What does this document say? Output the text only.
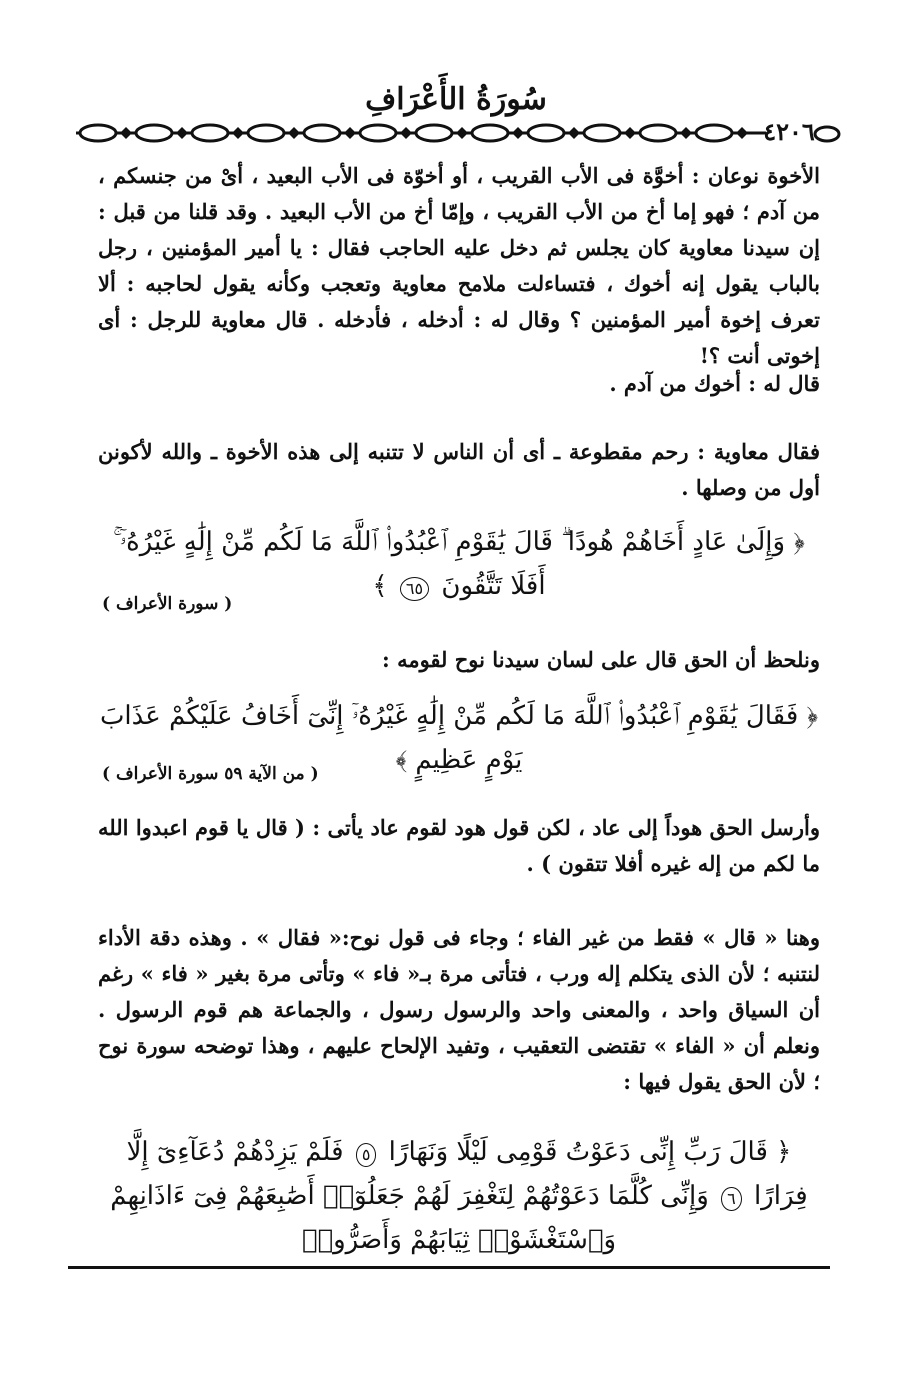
سُورَةُ الأَعْرَافِ
٤٢٠٦

الأخوة نوعان : أخوَّة فى الأب القريب ، أو أخوّة فى الأب البعيد ، أىْ من جنسكم ، من آدم ؛ فهو إما أخ من الأب القريب ، وإمّا أخ من الأب البعيد . وقد قلنا من قبل : إن سيدنا معاوية كان يجلس ثم دخل عليه الحاجب فقال : يا أمير المؤمنين ، رجل بالباب يقول إنه أخوك ، فتساءلت ملامح معاوية وتعجب وكأنه يقول لحاجبه : ألا تعرف إخوة أمير المؤمنين ؟ وقال له : أدخله ، فأدخله . قال معاوية للرجل : أى إخوتى أنت ؟!

قال له : أخوك من آدم .

فقال معاوية : رحم مقطوعة ـ أى أن الناس لا تتنبه إلى هذه الأخوة ـ والله لأكونن أول من وصلها .

﴿ وَإِلَىٰ عَادٍ أَخَاهُمْ هُودًا ۗ قَالَ يَٰقَوْمِ ٱعْبُدُوا۟ ٱللَّهَ مَا لَكُم مِّنْ إِلَٰهٍ غَيْرُهُۥٓ ۚ أَفَلَا تَتَّقُونَ ٦٥ ﴾

( سورة الأعراف )

ونلحظ أن الحق قال على لسان سيدنا نوح لقومه :

﴿ فَقَالَ يَٰقَوْمِ ٱعْبُدُوا۟ ٱللَّهَ مَا لَكُم مِّنْ إِلَٰهٍ غَيْرُهُۥٓ إِنِّىٓ أَخَافُ عَلَيْكُمْ عَذَابَ يَوْمٍ عَظِيمٍ ﴾

( من الآية ٥٩ سورة الأعراف )

وأرسل الحق هوداً إلى عاد ، لكن قول هود لقوم عاد يأتى : ( قال يا قوم اعبدوا الله ما لكم من إله غيره أفلا تتقون ) .

وهنا « قال » فقط من غير الفاء ؛ وجاء فى قول نوح:« فقال » . وهذه دقة الأداء لنتنبه ؛ لأن الذى يتكلم إله ورب ، فتأتى مرة بـ« فاء » وتأتى مرة بغير « فاء » رغم أن السياق واحد ، والمعنى واحد والرسول رسول ، والجماعة هم قوم الرسول . ونعلم أن « الفاء » تقتضى التعقيب ، وتفيد الإلحاح عليهم ، وهذا توضحه سورة نوح ؛ لأن الحق يقول فيها :

﴿ قَالَ رَبِّ إِنِّى دَعَوْتُ قَوْمِى لَيْلًا وَنَهَارًا ٥ فَلَمْ يَزِدْهُمْ دُعَآءِىٓ إِلَّا فِرَارًا ٦ وَإِنِّى كُلَّمَا دَعَوْتُهُمْ لِتَغْفِرَ لَهُمْ جَعَلُوٓا۟ أَصَٰبِعَهُمْ فِىٓ ءَاذَانِهِمْ وَٱسْتَغْشَوْا۟ ثِيَابَهُمْ وَأَصَرُّوا۟
